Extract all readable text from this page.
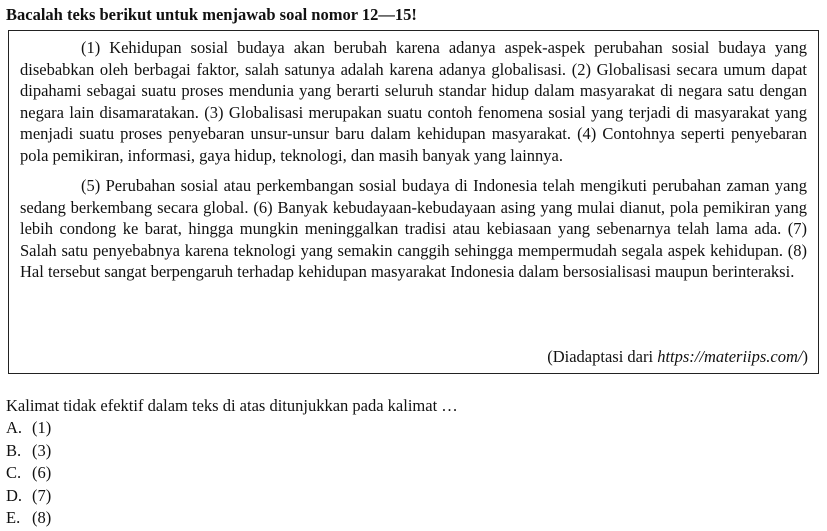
Bacalah teks berikut untuk menjawab soal nomor 12—15!

(1) Kehidupan sosial budaya akan berubah karena adanya aspek-aspek perubahan sosial budaya yang disebabkan oleh berbagai faktor, salah satunya adalah karena adanya globalisasi. (2) Globalisasi secara umum dapat dipahami sebagai suatu proses mendunia yang berarti seluruh standar hidup dalam masyarakat di negara satu dengan negara lain disamaratakan. (3) Globalisasi merupakan suatu contoh fenomena sosial yang terjadi di masyarakat yang menjadi suatu proses penyebaran unsur-unsur baru dalam kehidupan masyarakat. (4) Contohnya seperti penyebaran pola pemikiran, informasi, gaya hidup, teknologi, dan masih banyak yang lainnya.

(5) Perubahan sosial atau perkembangan sosial budaya di Indonesia telah mengikuti perubahan zaman yang sedang berkembang secara global. (6) Banyak kebudayaan-kebudayaan asing yang mulai dianut, pola pemikiran yang lebih condong ke barat, hingga mungkin meninggalkan tradisi atau kebiasaan yang sebenarnya telah lama ada. (7) Salah satu penyebabnya karena teknologi yang semakin canggih sehingga mempermudah segala aspek kehidupan. (8) Hal tersebut sangat berpengaruh terhadap kehidupan masyarakat Indonesia dalam bersosialisasi maupun berinteraksi.

(Diadaptasi dari https://materiips.com/)
Kalimat tidak efektif dalam teks di atas ditunjukkan pada kalimat …
A. (1)
B. (3)
C. (6)
D. (7)
E. (8)
